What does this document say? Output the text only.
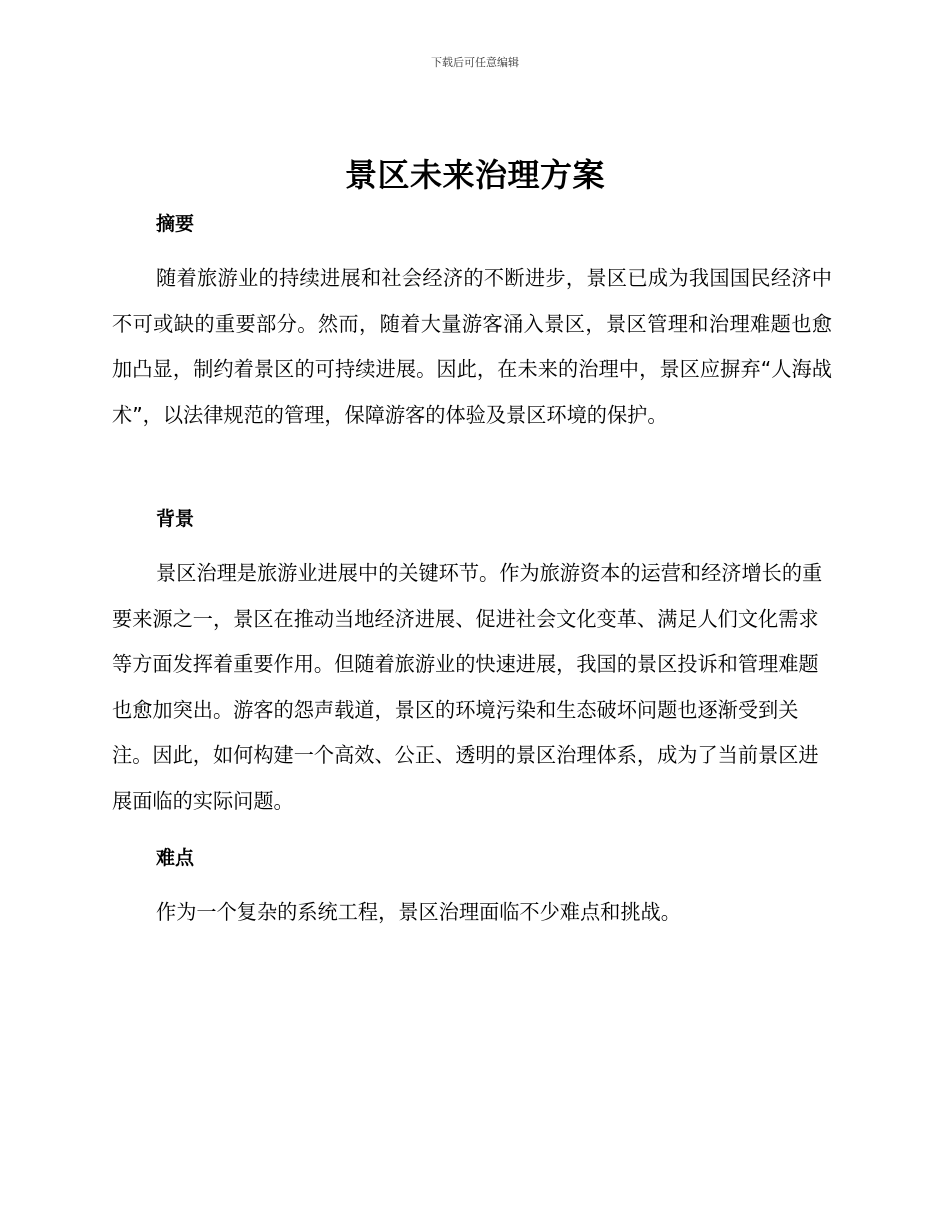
下载后可任意编辑
景区未来治理方案
摘要

随着旅游业的持续进展和社会经济的不断进步，景区已成为我国国民经济中不可或缺的重要部分。然而，随着大量游客涌入景区，景区管理和治理难题也愈加凸显，制约着景区的可持续进展。因此，在未来的治理中，景区应摒弃“人海战术”，以法律规范的管理，保障游客的体验及景区环境的保护。

背景

景区治理是旅游业进展中的关键环节。作为旅游资本的运营和经济增长的重要来源之一，景区在推动当地经济进展、促进社会文化变革、满足人们文化需求等方面发挥着重要作用。但随着旅游业的快速进展，我国的景区投诉和管理难题也愈加突出。游客的怨声载道，景区的环境污染和生态破坏问题也逐渐受到关注。因此，如何构建一个高效、公正、透明的景区治理体系，成为了当前景区进展面临的实际问题。

难点

作为一个复杂的系统工程，景区治理面临不少难点和挑战。
